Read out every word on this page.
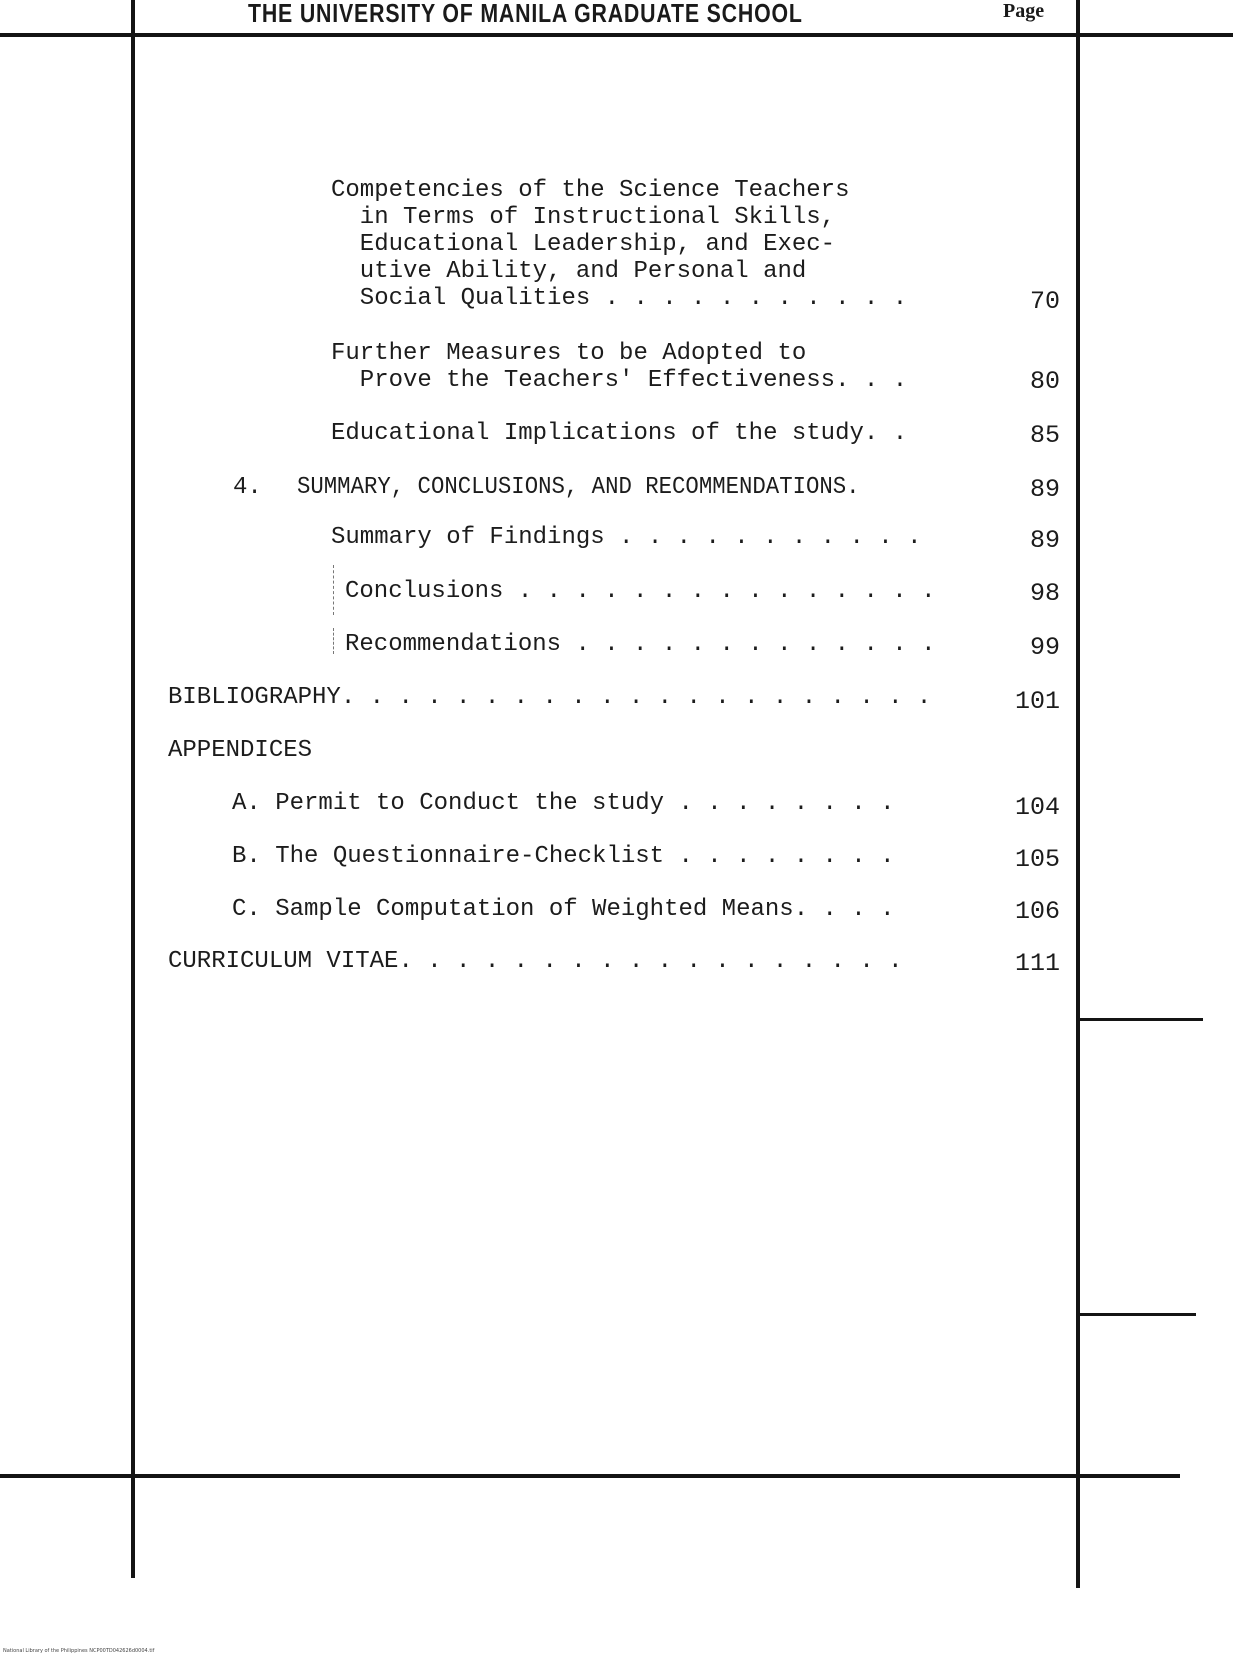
THE UNIVERSITY OF MANILA GRADUATE SCHOOL	Page
Competencies of the Science Teachers
in Terms of Instructional Skills,
Educational Leadership, and Exec-
utive Ability, and Personal and
Social Qualities . . . . . . . . . . .	70
Further Measures to be Adopted to
Prove the Teachers' Effectiveness. . .	80
Educational Implications of the study. .	85
4. SUMMARY, CONCLUSIONS, AND RECOMMENDATIONS.	89
Summary of Findings . . . . . . . . . . .	89
Conclusions . . . . . . . . . . . . . . .	98
Recommendations . . . . . . . . . . . . .	99
BIBLIOGRAPHY. . . . . . . . . . . . . . . . . . . . .	101
APPENDICES
A. Permit to Conduct the study . . . . . . . .	104
B. The Questionnaire-Checklist . . . . . . . .	105
C. Sample Computation of Weighted Means. . . .	106
CURRICULUM VITAE. . . . . . . . . . . . . . . . . .	111
National Library of the Philippines NCP00TD042626d0004.tif
